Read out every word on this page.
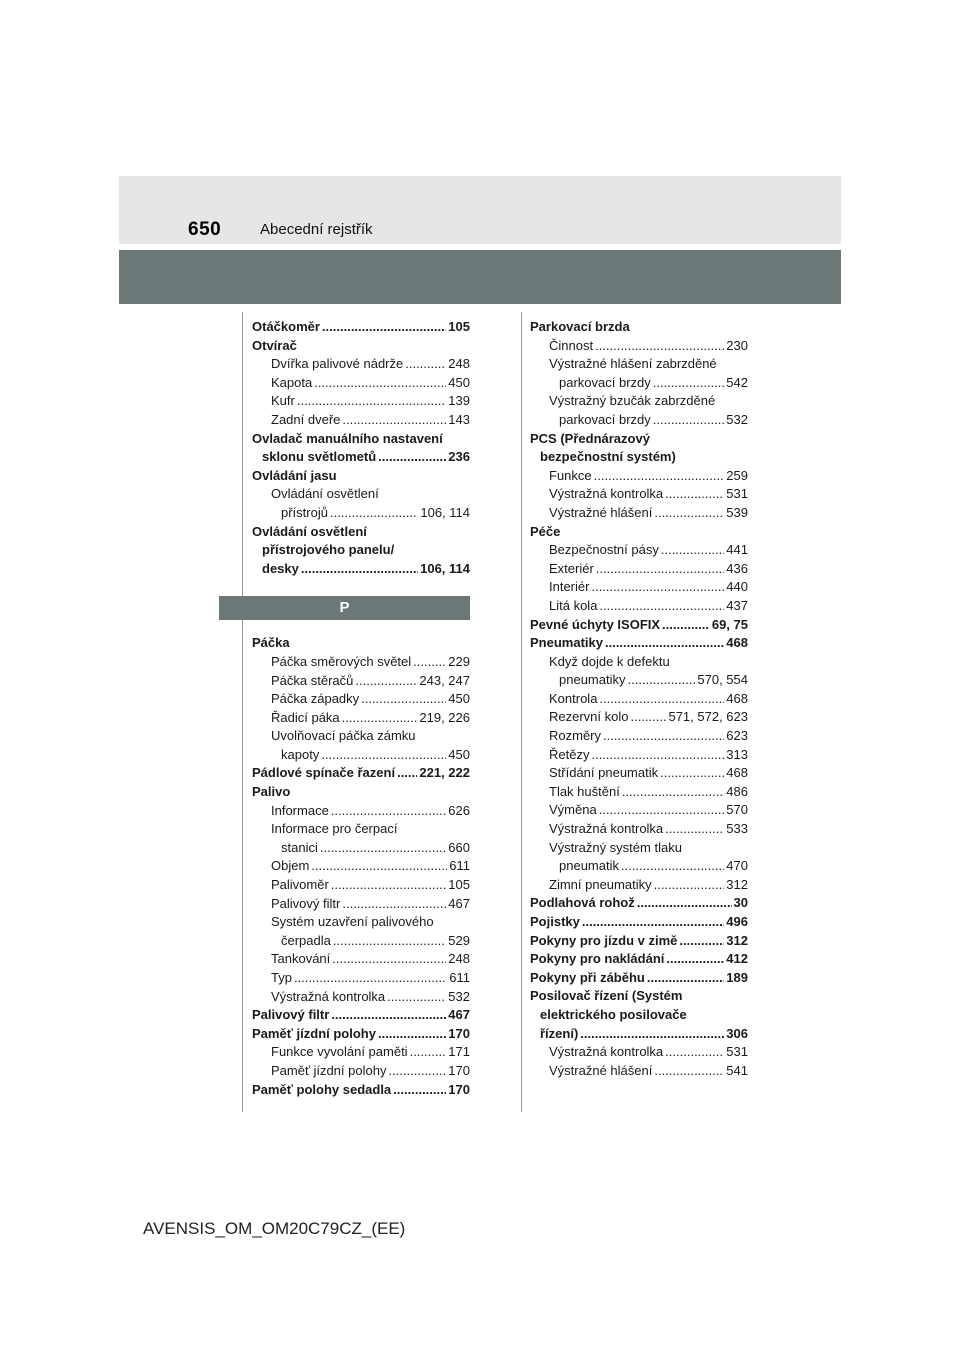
650	Abecední rejstřík
Otáčkoměr .....	105
Otvírač
Dvířka palivové nádrže .....	248
Kapota .....	450
Kufr .....	139
Zadní dveře .....	143
Ovladač manuálního nastavení
sklonu světlometů .....	236
Ovládání jasu
Ovládání osvětlení
přístrojů .....	106, 114
Ovládání osvětlení
přístrojového panelu/
desky .....	106, 114
P
Páčka
Páčka směrových světel .....	229
Páčka stěračů .....	243, 247
Páčka západky .....	450
Řadicí páka .....	219, 226
Uvolňovací páčka zámku
kapoty .....	450
Pádlové spínače řazení ..... 221, 222
Palivo
Informace .....	626
Informace pro čerpací
stanici .....	660
Objem .....	611
Palivoměr .....	105
Palivový filtr .....	467
Systém uzavření palivového
čerpadla .....	529
Tankování .....	248
Typ .....	611
Výstražná kontrolka .....	532
Palivový filtr .....	467
Paměť jízdní polohy .....	170
Funkce vyvolání paměti .....	171
Paměť jízdní polohy .....	170
Paměť polohy sedadla .....	170
Parkovací brzda
Činnost .....	230
Výstražné hlášení zabrzděné
parkovací brzdy .....	542
Výstražný bzučák zabrzděné
parkovací brzdy .....	532
PCS (Přednárazový
bezpečnostní systém)
Funkce .....	259
Výstražná kontrolka .....	531
Výstražné hlášení .....	539
Péče
Bezpečnostní pásy .....	441
Exteriér .....	436
Interiér .....	440
Litá kola .....	437
Pevné úchyty ISOFIX .....	69, 75
Pneumatiky .....	468
Když dojde k defektu
pneumatiky .....	570, 554
Kontrola .....	468
Rezervní kolo .....	571, 572, 623
Rozměry .....	623
Řetězy .....	313
Střídání pneumatik .....	468
Tlak huštění .....	486
Výměna .....	570
Výstražná kontrolka .....	533
Výstražný systém tlaku
pneumatik .....	470
Zimní pneumatiky .....	312
Podlahová rohož .....	30
Pojistky .....	496
Pokyny pro jízdu v zimě .....	312
Pokyny pro nakládání .....	412
Pokyny při záběhu .....	189
Posilovač řízení (Systém
elektrického posilovače
řízení) .....	306
Výstražná kontrolka .....	531
Výstražné hlášení .....	541
AVENSIS_OM_OM20C79CZ_(EE)
